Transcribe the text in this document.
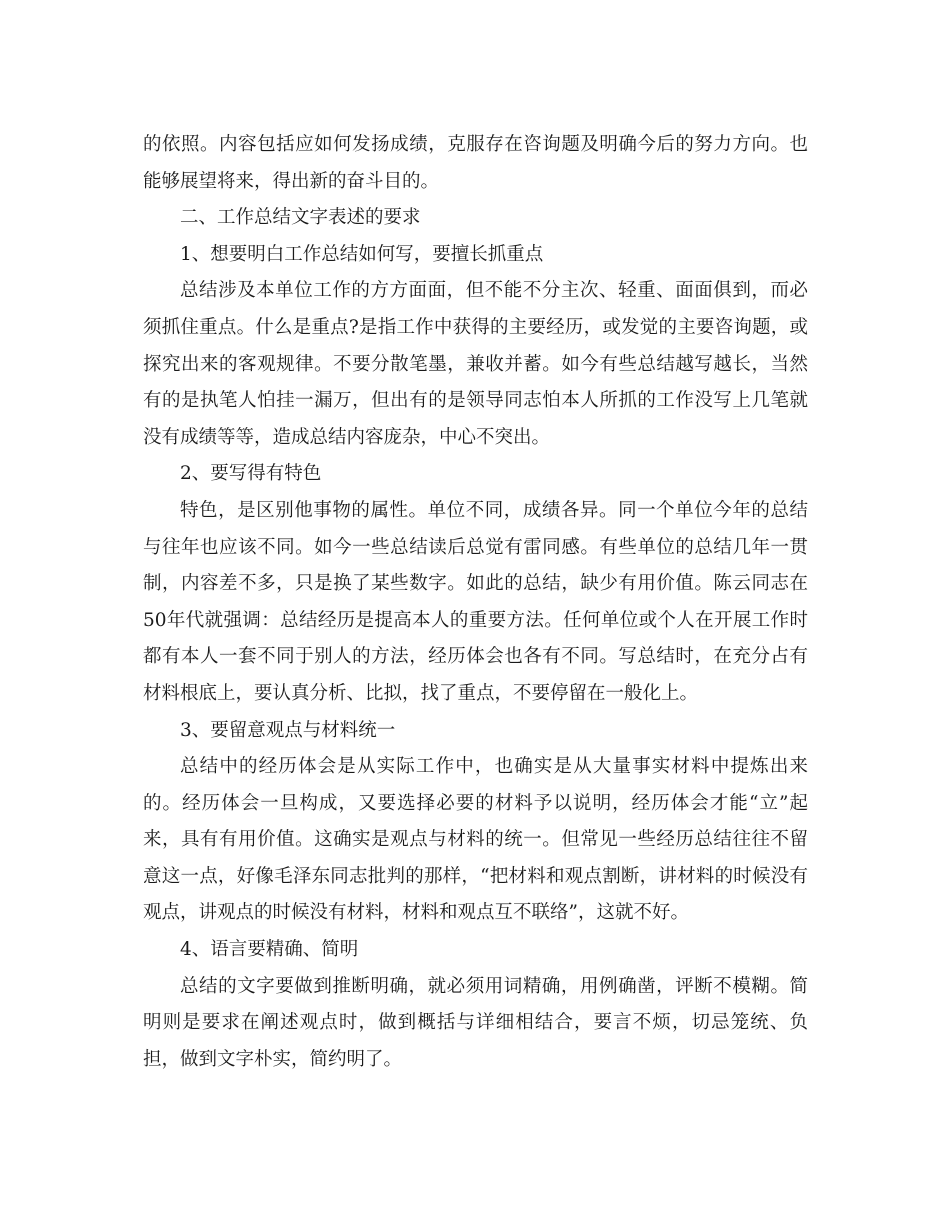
的依照。内容包括应如何发扬成绩，克服存在咨询题及明确今后的努力方向。也能够展望将来，得出新的奋斗目的。

二、工作总结文字表述的要求

1、想要明白工作总结如何写，要擅长抓重点

总结涉及本单位工作的方方面面，但不能不分主次、轻重、面面俱到，而必须抓住重点。什么是重点?是指工作中获得的主要经历，或发觉的主要咨询题，或探究出来的客观规律。不要分散笔墨，兼收并蓄。如今有些总结越写越长，当然有的是执笔人怕挂一漏万，但出有的是领导同志怕本人所抓的工作没写上几笔就没有成绩等等，造成总结内容庞杂，中心不突出。

2、要写得有特色

特色，是区别他事物的属性。单位不同，成绩各异。同一个单位今年的总结与往年也应该不同。如今一些总结读后总觉有雷同感。有些单位的总结几年一贯制，内容差不多，只是换了某些数字。如此的总结，缺少有用价值。陈云同志在50年代就强调：总结经历是提高本人的重要方法。任何单位或个人在开展工作时都有本人一套不同于别人的方法，经历体会也各有不同。写总结时，在充分占有材料根底上，要认真分析、比拟，找了重点，不要停留在一般化上。

3、要留意观点与材料统一

总结中的经历体会是从实际工作中，也确实是从大量事实材料中提炼出来的。经历体会一旦构成，又要选择必要的材料予以说明，经历体会才能“立”起来，具有有用价值。这确实是观点与材料的统一。但常见一些经历总结往往不留意这一点，好像毛泽东同志批判的那样，“把材料和观点割断，讲材料的时候没有观点，讲观点的时候没有材料，材料和观点互不联络”，这就不好。

4、语言要精确、简明

总结的文字要做到推断明确，就必须用词精确，用例确凿，评断不模糊。简明则是要求在阐述观点时，做到概括与详细相结合，要言不烦，切忌笼统、负担，做到文字朴实，简约明了。
